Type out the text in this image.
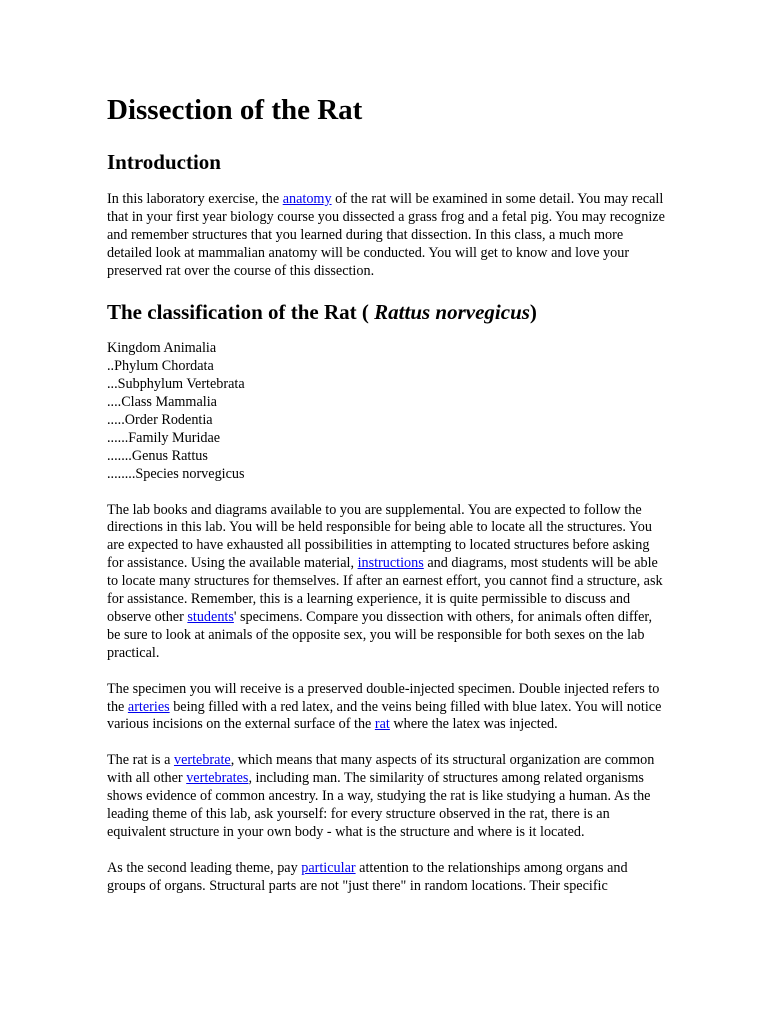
Dissection of the Rat
Introduction

In this laboratory exercise, the anatomy of the rat will be examined in some detail. You may recall that in your first year biology course you dissected a grass frog and a fetal pig. You may recognize and remember structures that you learned during that dissection. In this class, a much more detailed look at mammalian anatomy will be conducted. You will get to know and love your preserved rat over the course of this dissection.

The classification of the Rat ( Rattus norvegicus)
Kingdom Animalia
..Phylum Chordata
...Subphylum Vertebrata
....Class Mammalia
.....Order Rodentia
......Family Muridae
.......Genus Rattus
........Species norvegicus

The lab books and diagrams available to you are supplemental. You are expected to follow the directions in this lab. You will be held responsible for being able to locate all the structures. You are expected to have exhausted all possibilities in attempting to located structures before asking for assistance. Using the available material, instructions and diagrams, most students will be able to locate many structures for themselves. If after an earnest effort, you cannot find a structure, ask for assistance. Remember, this is a learning experience, it is quite permissible to discuss and observe other students' specimens. Compare you dissection with others, for animals often differ, be sure to look at animals of the opposite sex, you will be responsible for both sexes on the lab practical.

The specimen you will receive is a preserved double-injected specimen. Double injected refers to the arteries being filled with a red latex, and the veins being filled with blue latex. You will notice various incisions on the external surface of the rat where the latex was injected.

The rat is a vertebrate, which means that many aspects of its structural organization are common with all other vertebrates, including man. The similarity of structures among related organisms shows evidence of common ancestry. In a way, studying the rat is like studying a human. As the leading theme of this lab, ask yourself: for every structure observed in the rat, there is an equivalent structure in your own body - what is the structure and where is it located.

As the second leading theme, pay particular attention to the relationships among organs and groups of organs. Structural parts are not "just there" in random locations. Their specific
